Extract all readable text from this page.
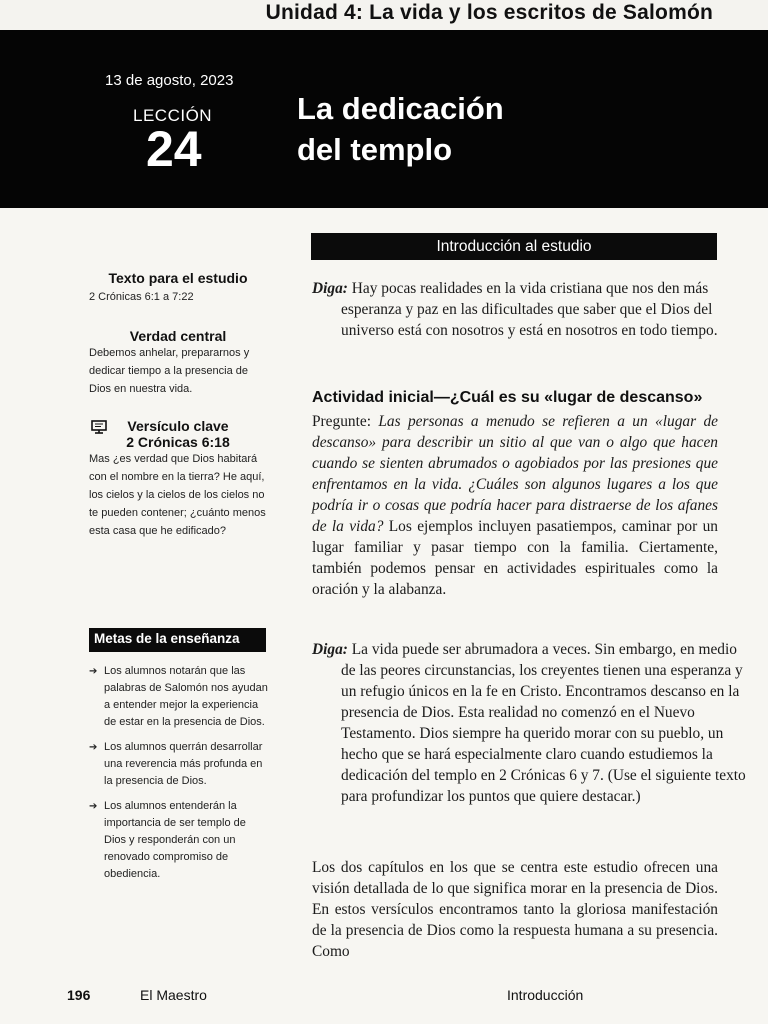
Unidad 4: La vida y los escritos de Salomón
13 de agosto, 2023
LECCIÓN
24
La dedicación
del templo

Texto para el estudio

2 Crónicas 6:1 a 7:22

Verdad central

Debemos anhelar, prepararnos y dedicar tiempo a la presencia de Dios en nuestra vida.

Versículo clave

2 Crónicas 6:18

Mas ¿es verdad que Dios habitará con el nombre en la tierra? He aquí, los cielos y la cielos de los cielos no te pueden contener; ¿cuánto menos esta casa que he edificado?

Metas de la enseñanza
➔ Los alumnos notarán que las palabras de Salomón nos ayudan a entender mejor la experiencia de estar en la presencia de Dios.
➔ Los alumnos querrán desarrollar una reverencia más profunda en la presencia de Dios.
➔ Los alumnos entenderán la importancia de ser templo de Dios y responderán con un renovado compromiso de obediencia.
Introducción al estudio

Diga: Hay pocas realidades en la vida cristiana que nos den más esperanza y paz en las dificultades que saber que el Dios del universo está con nosotros y está en nosotros en todo tiempo.

Actividad inicial—¿Cuál es su «lugar de descanso»

Pregunte: Las personas a menudo se refieren a un «lugar de descanso» para describir un sitio al que van o algo que hacen cuando se sienten abrumados o agobiados por las presiones que enfrentamos en la vida. ¿Cuáles son algunos lugares a los que podría ir o cosas que podría hacer para distraerse de los afanes de la vida? Los ejemplos incluyen pasatiempos, caminar por un lugar familiar y pasar tiempo con la familia. Ciertamente, también podemos pensar en actividades espirituales como la oración y la alabanza.

Diga: La vida puede ser abrumadora a veces. Sin embargo, en medio de las peores circunstancias, los creyentes tienen una esperanza y un refugio únicos en la fe en Cristo. Encontramos descanso en la presencia de Dios. Esta realidad no comenzó en el Nuevo Testamento. Dios siempre ha querido morar con su pueblo, un hecho que se hará especialmente claro cuando estudiemos la dedicación del templo en 2 Crónicas 6 y 7. (Use el siguiente texto para profundizar los puntos que quiere destacar.)

Los dos capítulos en los que se centra este estudio ofrecen una visión detallada de lo que significa morar en la presencia de Dios. En estos versículos encontramos tanto la gloriosa manifestación de la presencia de Dios como la respuesta humana a su presencia. Como

196	El Maestro	Introducción
